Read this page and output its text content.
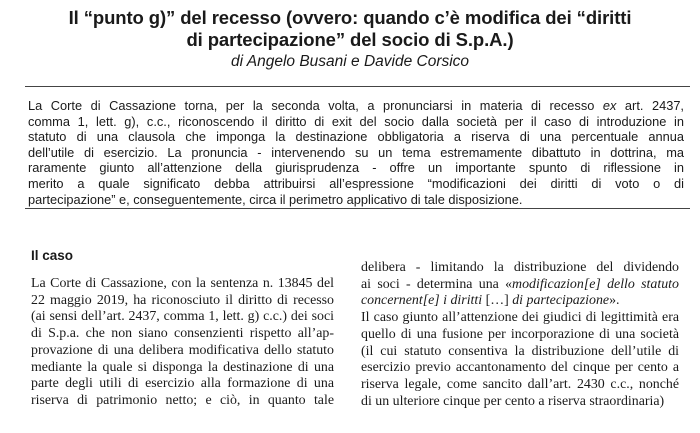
Il “punto g)” del recesso (ovvero: quando c’è modifica dei “diritti
di partecipazione” del socio di S.p.A.)

di Angelo Busani e Davide Corsico

La Corte di Cassazione torna, per la seconda volta, a pronunciarsi in materia di recesso ex art. 2437,
comma 1, lett. g), c.c., riconoscendo il diritto di exit del socio dalla società per il caso di introduzione in
statuto di una clausola che imponga la destinazione obbligatoria a riserva di una percentuale annua
dell’utile di esercizio. La pronuncia - intervenendo su un tema estremamente dibattuto in dottrina, ma
raramente giunto all’attenzione della giurisprudenza - offre un importante spunto di riflessione in
merito a quale significato debba attribuirsi all’espressione “modificazioni dei diritti di voto o di
partecipazione” e, conseguentemente, circa il perimetro applicativo di tale disposizione.
Il caso
La Corte di Cassazione, con la sentenza n. 13845 del
22 maggio 2019, ha riconosciuto il diritto di recesso
(ai sensi dell’art. 2437, comma 1, lett. g) c.c.) dei soci
di S.p.a. che non siano consenzienti rispetto all’ap-
provazione di una delibera modificativa dello statuto
mediante la quale si disponga la destinazione di una
parte degli utili di esercizio alla formazione di una
riserva di patrimonio netto; e ciò, in quanto tale
delibera - limitando la distribuzione del dividendo
ai soci - determina una «modificazion[e] dello statuto
concernent[e] i diritti […] di partecipazione».
Il caso giunto all’attenzione dei giudici di legittimità era
quello di una fusione per incorporazione di una società
(il cui statuto consentiva la distribuzione dell’utile di
esercizio previo accantonamento del cinque per cento a
riserva legale, come sancito dall’art. 2430 c.c., nonché
di un ulteriore cinque per cento a riserva straordinaria)
